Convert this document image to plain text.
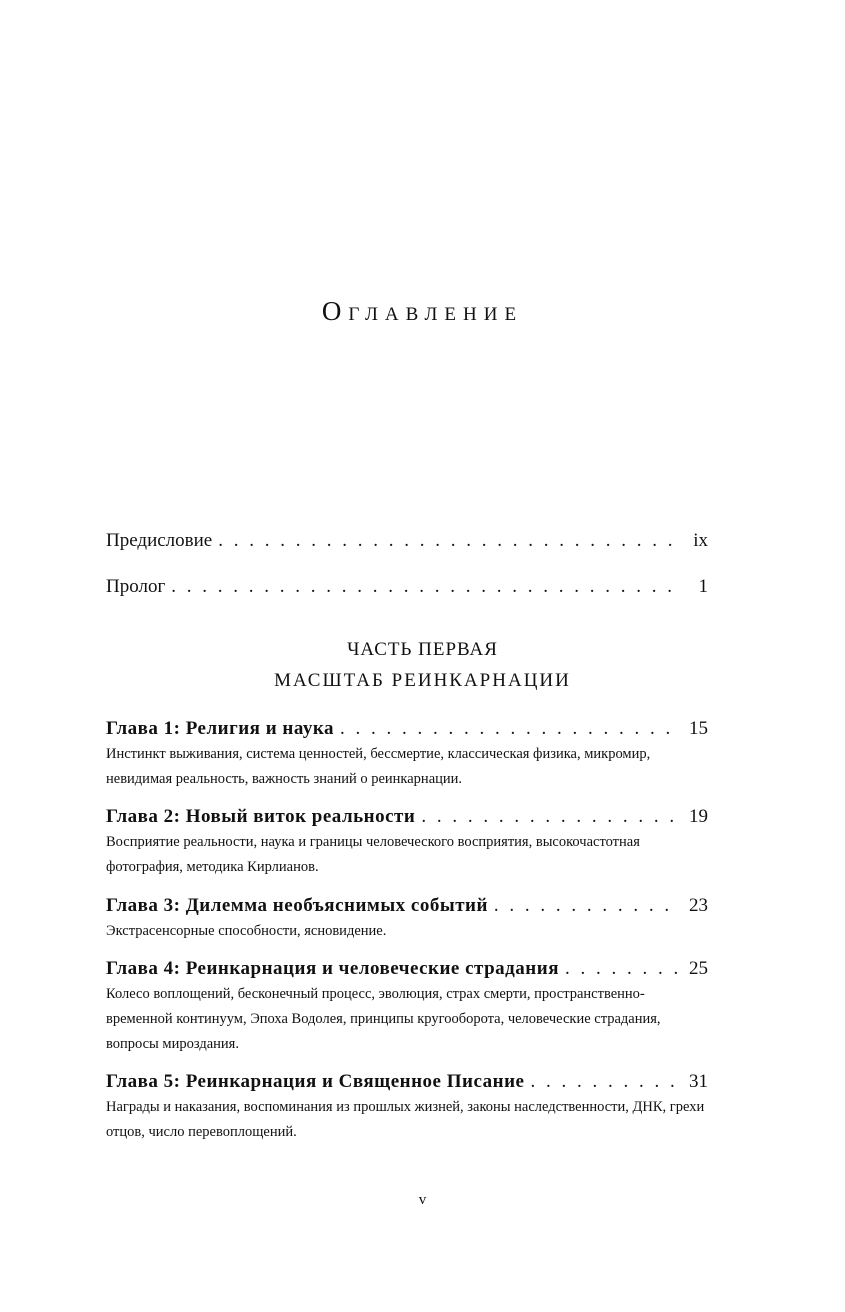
Оглавление
Предисловие . . .	ix
Пролог . . .	1
ЧАСТЬ ПЕРВАЯ
МАСШТАБ РЕИНКАРНАЦИИ
Глава 1: Религия и наука . . .	15
Инстинкт выживания, система ценностей, бессмертие, классическая физика, микромир, невидимая реальность, важность знаний о реинкарнации.
Глава 2: Новый виток реальности . . .	19
Восприятие реальности, наука и границы человеческого восприятия, высокочастотная фотография, методика Кирлианов.
Глава 3: Дилемма необъяснимых событий . . .	23
Экстрасенсорные способности, ясновидение.
Глава 4: Реинкарнация и человеческие страдания . . .	25
Колесо воплощений, бесконечный процесс, эволюция, страх смерти, пространственно-временной континуум, Эпоха Водолея, принципы кругооборота, человеческие страдания, вопросы мироздания.
Глава 5: Реинкарнация и Священное Писание . . .	31
Награды и наказания, воспоминания из прошлых жизней, законы наследственности, ДНК, грехи отцов, число перевоплощений.
v
